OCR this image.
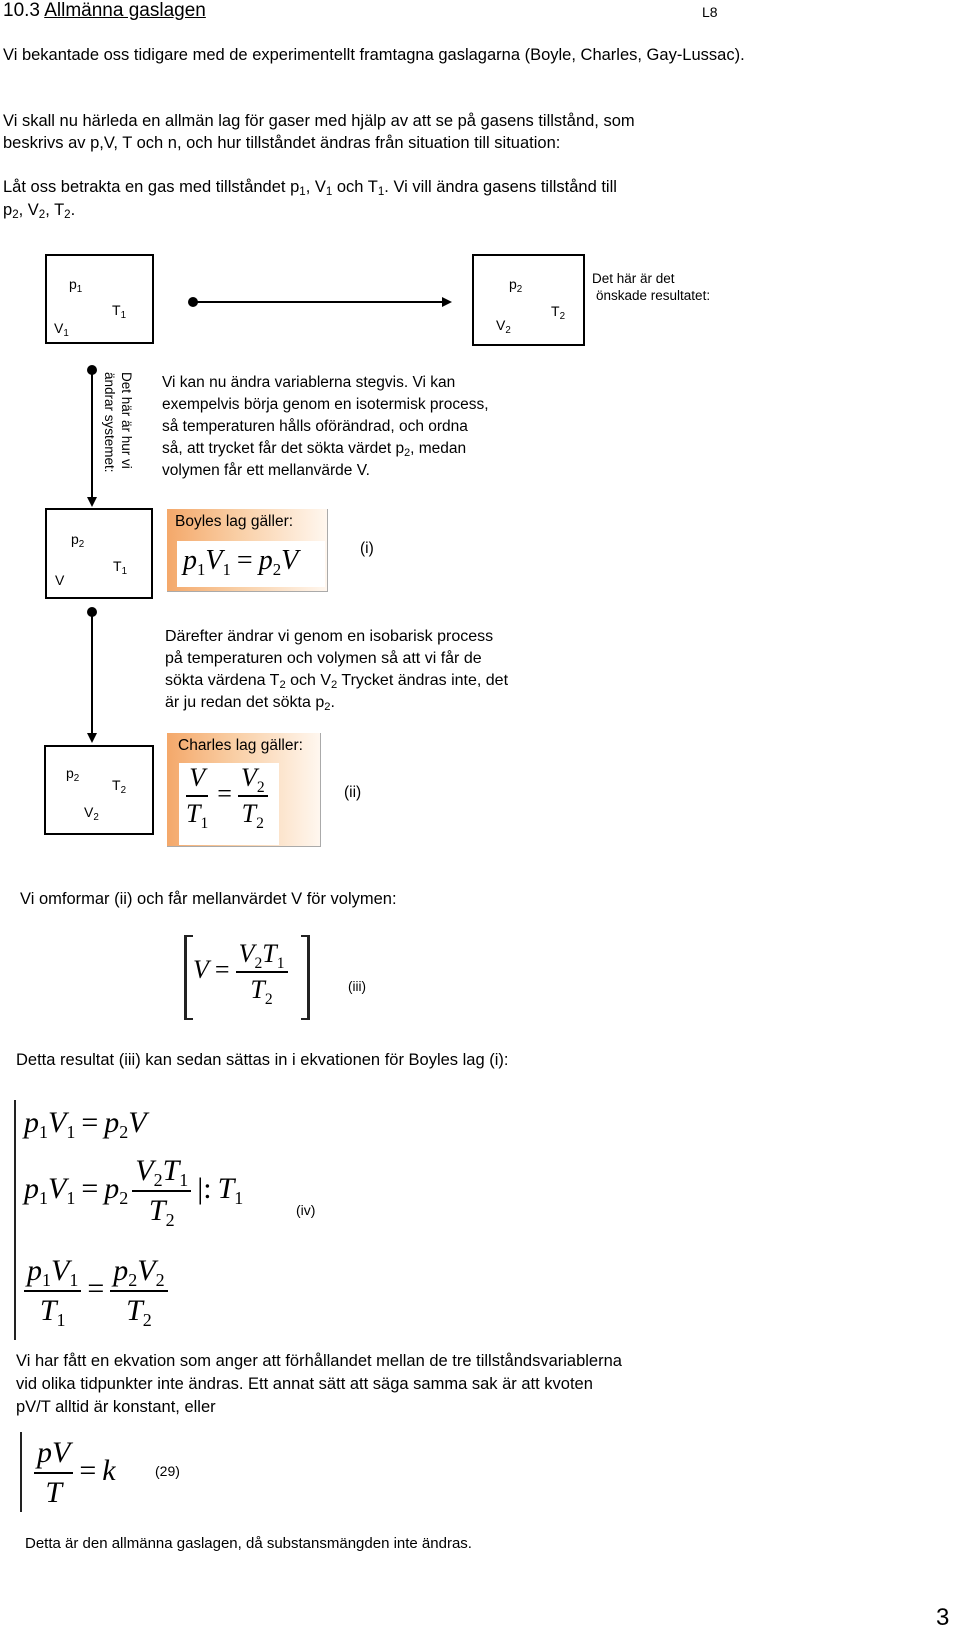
10.3 Allmänna gaslagen	L8
Vi bekantade oss tidigare med de experimentellt framtagna gaslagarna (Boyle, Charles, Gay-Lussac).
Vi skall nu härleda en allmän lag för gaser med hjälp av att se på gasens tillstånd, som
beskrivs av p,V, T och n, och hur tillståndet ändras från situation till situation:
Låt oss betrakta en gas med tillståndet $p_1$, $V_1$ och $T_1$. Vi vill ändra gasens tillstånd till
$p_2$, $V_2$, $T_2$.
$p_1$
$T_1$
$V_1$
$p_2$
$T_2$
$V_2$
Det här är det
önskade resultatet:
Det här är hur vi
ändrar systemet:	Vi kan nu ändra variablerna stegvis. Vi kan
exempelvis börja genom en isotermisk process,
så temperaturen hålls oförändrad, och ordna
så, att trycket får det sökta värdet $p_2$, medan
volymen får ett mellanvärde V.
$p_2$
$T_1$
V
Boyles lag gäller:
$p_1V_1 = p_2V$	(i)
Därefter ändrar vi genom en isobarisk process
på temperaturen och volymen så att vi får de
sökta värdena $T_2$ och $V_2$ Trycket ändras inte, det
är ju redan det sökta $p_2$.
$p_2$ $T_2$
$V_2$
Charles lag gäller:
$\frac{V}{T_1} = \frac{V_2}{T_2}$	(ii)
Vi omformar (ii) och får mellanvärdet V för volymen:
$V = \frac{V_2T_1}{T_2}$	(iii)
Detta resultat (iii) kan sedan sättas in i ekvationen för Boyles lag (i):
$p_1V_1 = p_2V$
$p_1V_1 = p_2 \frac{V_2T_1}{T_2}$ |: $T_1$
$\frac{p_1V_1}{T_1} = \frac{p_2V_2}{T_2}$
(iv)
Vi har fått en ekvation som anger att förhållandet mellan de tre tillståndsvariablerna
vid olika tidpunkter inte ändras. Ett annat sätt att säga samma sak är att kvoten
pV/T alltid är konstant, eller
$\frac{pV}{T} = k$	(29)
Detta är den allmänna gaslagen, då substansmängden inte ändras.
3
